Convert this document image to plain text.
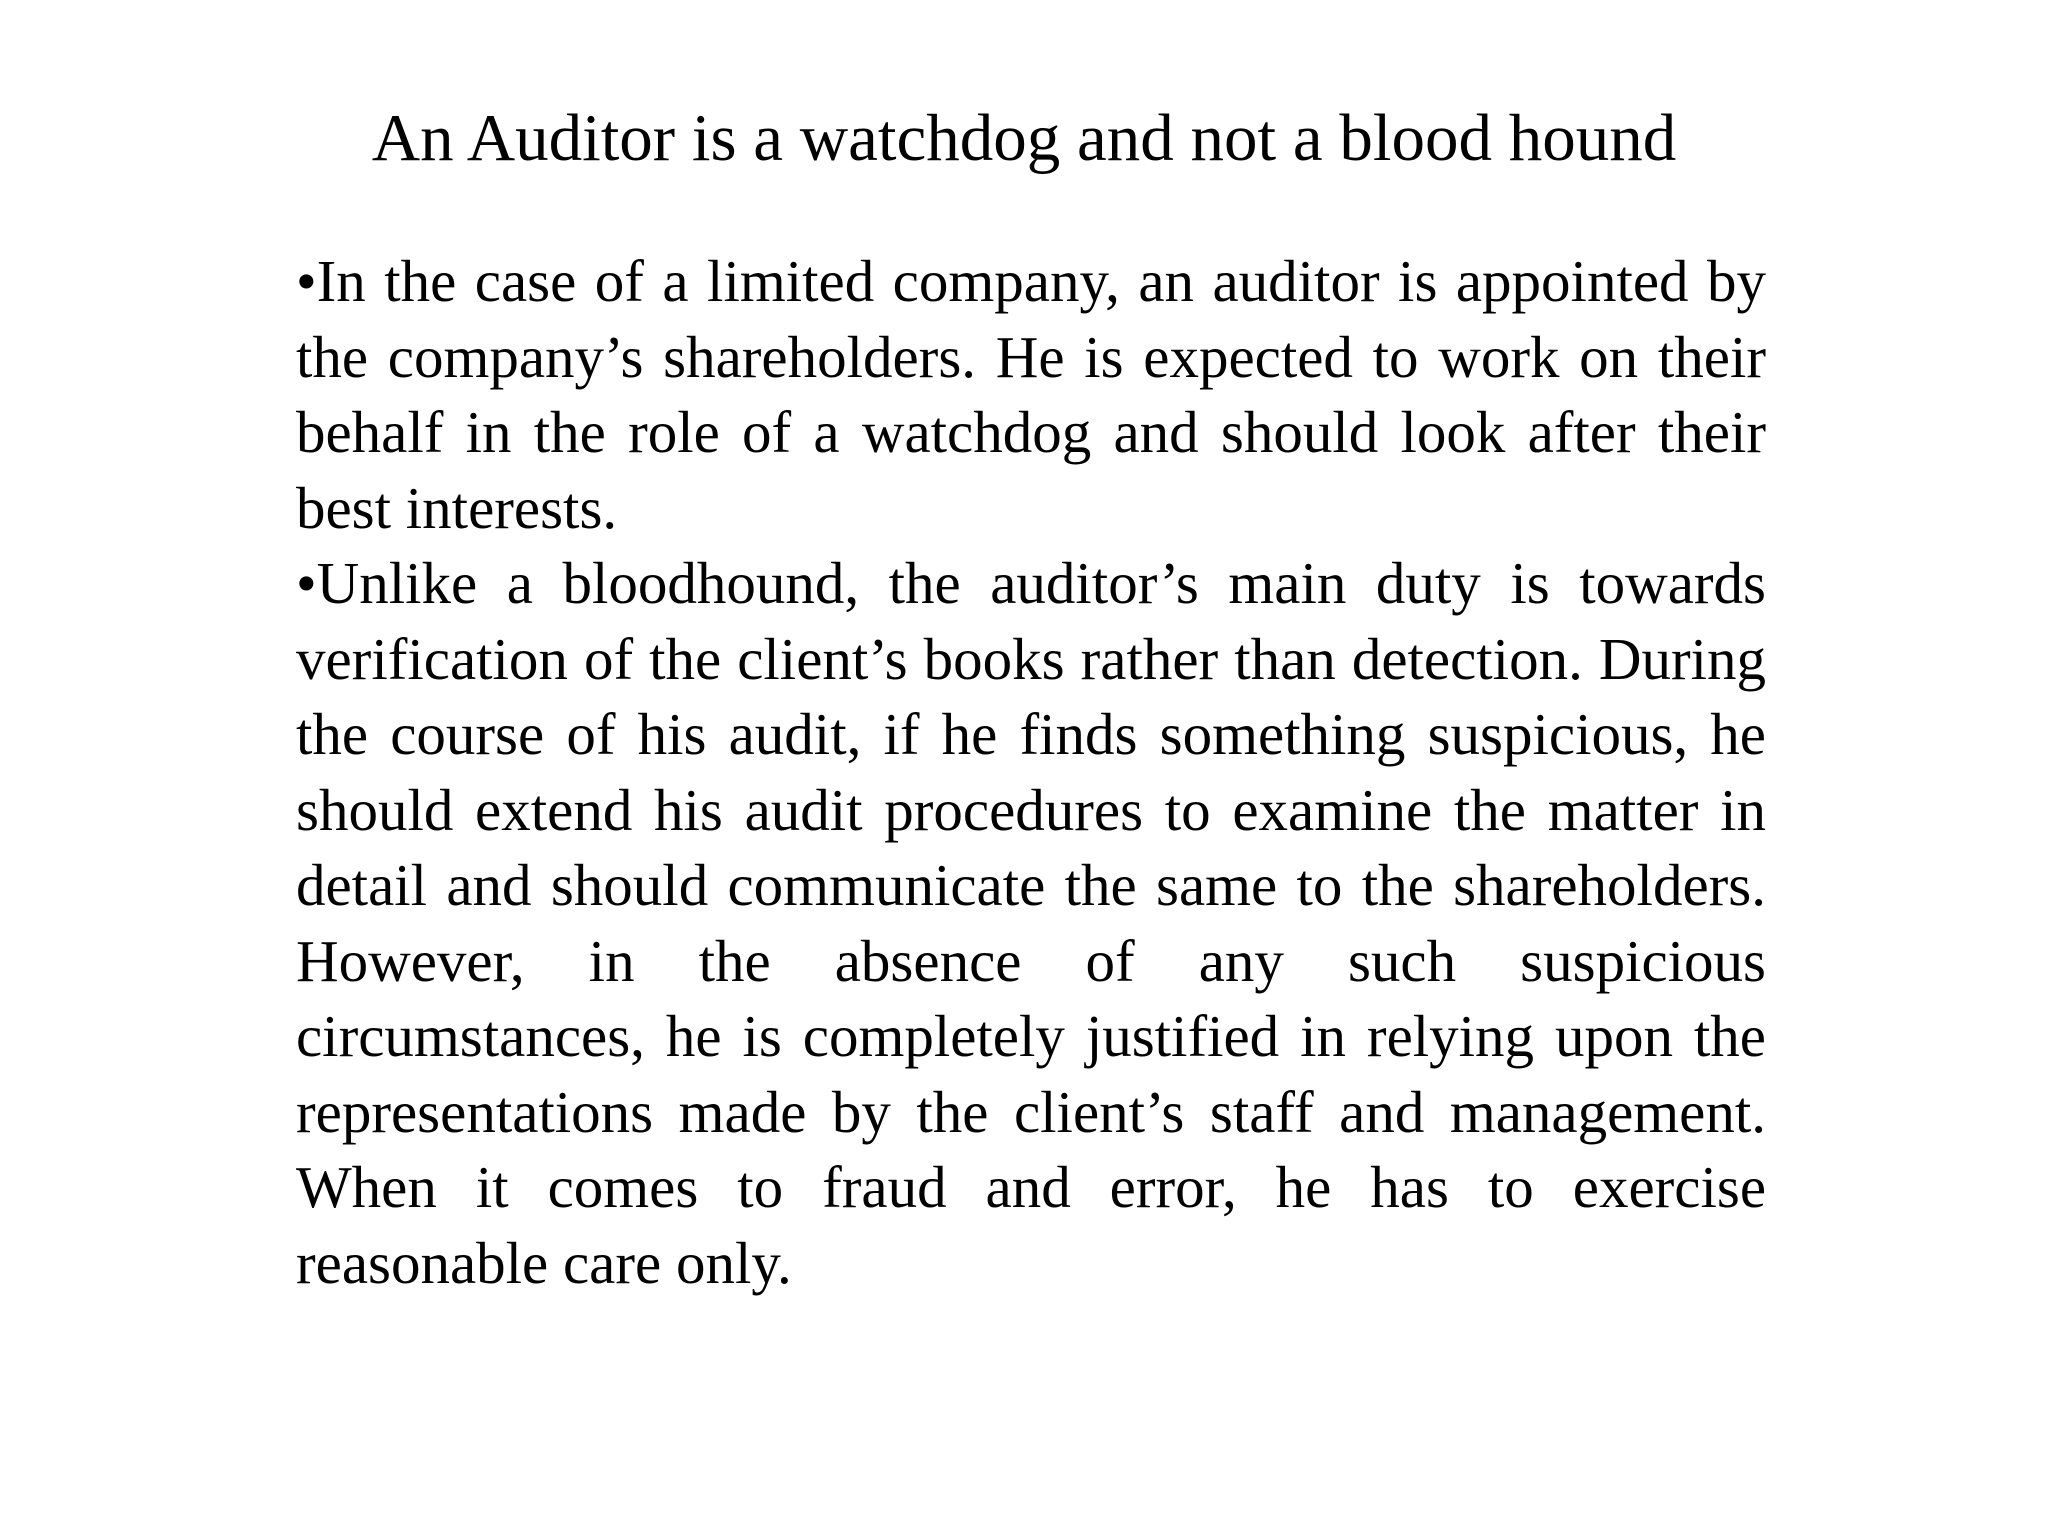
An Auditor is a watchdog and not a blood hound

•In the case of a limited company, an auditor is appointed by the company’s shareholders. He is expected to work on their behalf in the role of a watchdog and should look after their best interests.

•Unlike a bloodhound, the auditor’s main duty is towards verification of the client’s books rather than detection. During the course of his audit, if he finds something suspicious, he should extend his audit procedures to examine the matter in detail and should communicate the same to the shareholders. However, in the absence of any such suspicious circumstances, he is completely justified in relying upon the representations made by the client’s staff and management. When it comes to fraud and error, he has to exercise reasonable care only.
